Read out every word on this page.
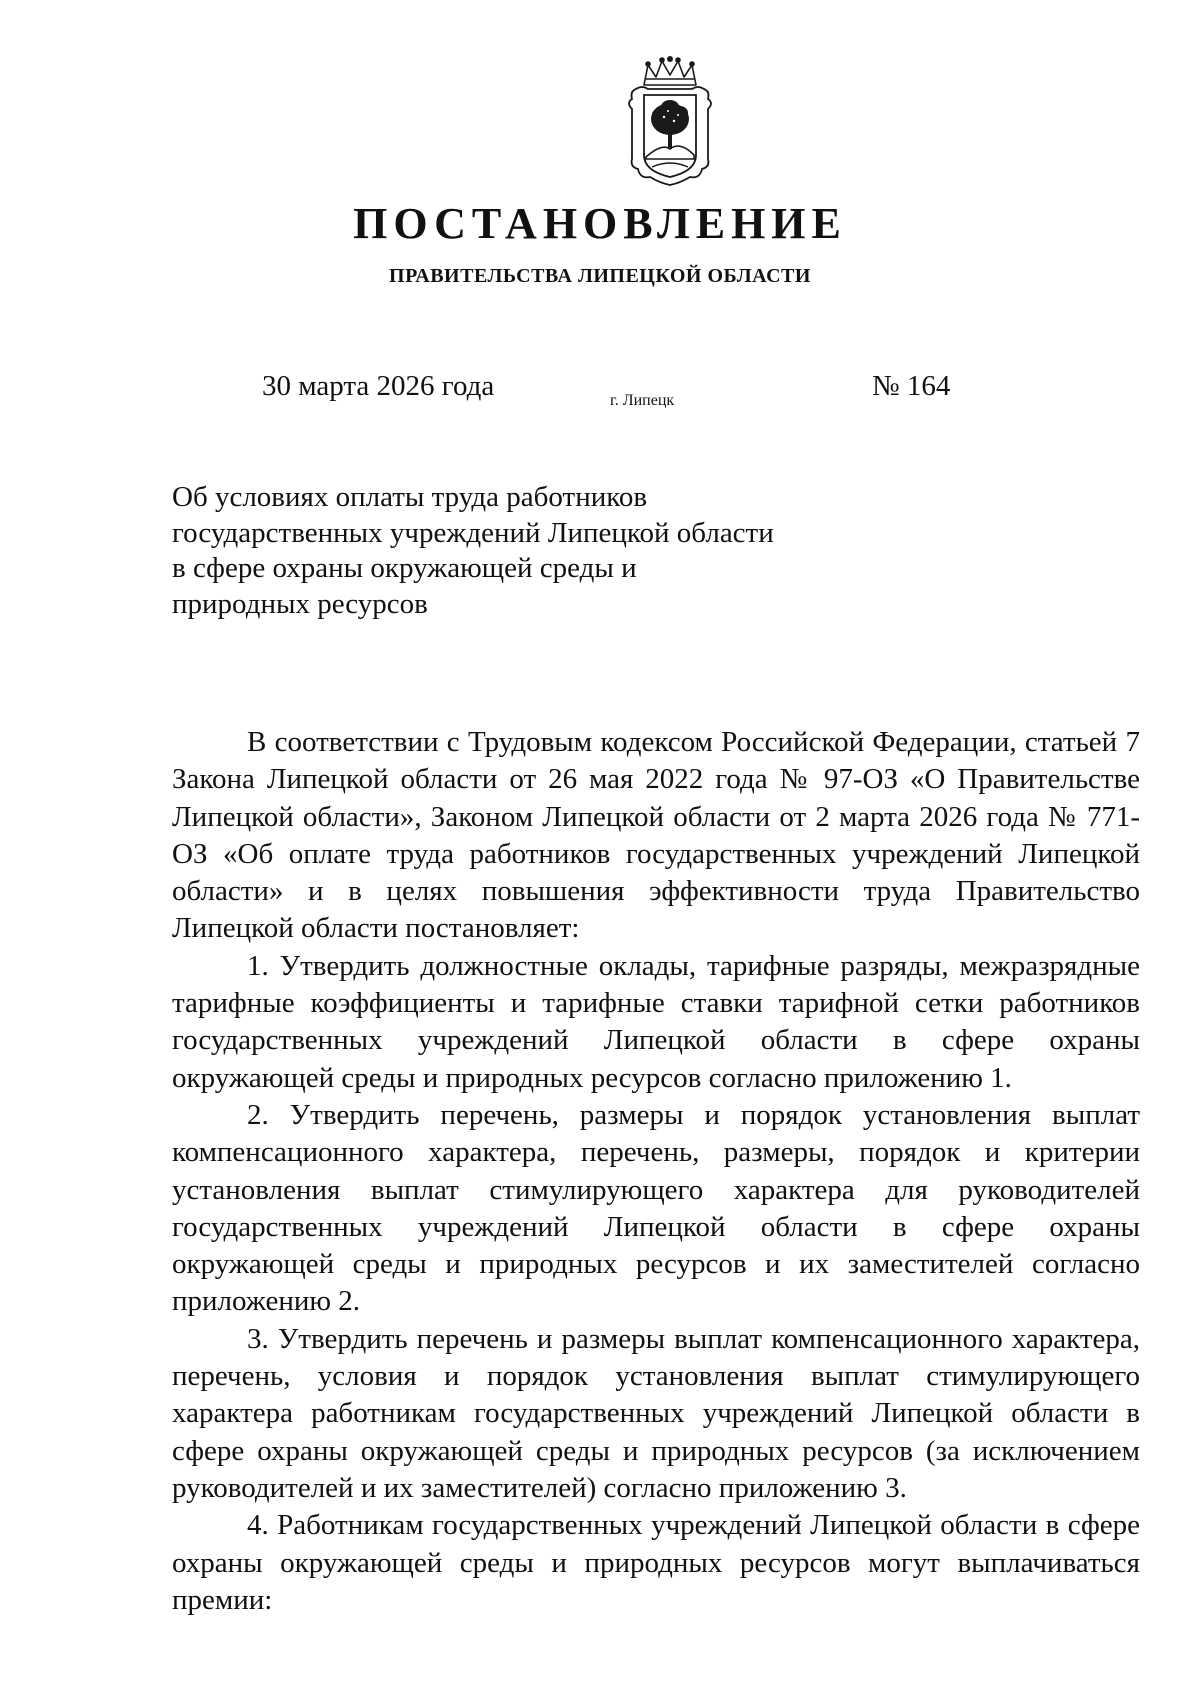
ПОСТАНОВЛЕНИЕ
ПРАВИТЕЛЬСТВА ЛИПЕЦКОЙ ОБЛАСТИ
30 марта 2026 года	г. Липецк	№ 164
Об условиях оплаты труда работников
государственных учреждений Липецкой области
в сфере охраны окружающей среды и
природных ресурсов

В соответствии с Трудовым кодексом Российской Федерации, статьей 7 Закона Липецкой области от 26 мая 2022 года № 97-ОЗ «О Правительстве Липецкой области», Законом Липецкой области от 2 марта 2026 года № 771-ОЗ «Об оплате труда работников государственных учреждений Липецкой области» и в целях повышения эффективности труда Правительство Липецкой области постановляет:

1. Утвердить должностные оклады, тарифные разряды, межразрядные тарифные коэффициенты и тарифные ставки тарифной сетки работников государственных учреждений Липецкой области в сфере охраны окружающей среды и природных ресурсов согласно приложению 1.

2. Утвердить перечень, размеры и порядок установления выплат компенсационного характера, перечень, размеры, порядок и критерии установления выплат стимулирующего характера для руководителей государственных учреждений Липецкой области в сфере охраны окружающей среды и природных ресурсов и их заместителей согласно приложению 2.

3. Утвердить перечень и размеры выплат компенсационного характера, перечень, условия и порядок установления выплат стимулирующего характера работникам государственных учреждений Липецкой области в сфере охраны окружающей среды и природных ресурсов (за исключением руководителей и их заместителей) согласно приложению 3.

4. Работникам государственных учреждений Липецкой области в сфере охраны окружающей среды и природных ресурсов могут выплачиваться премии:
